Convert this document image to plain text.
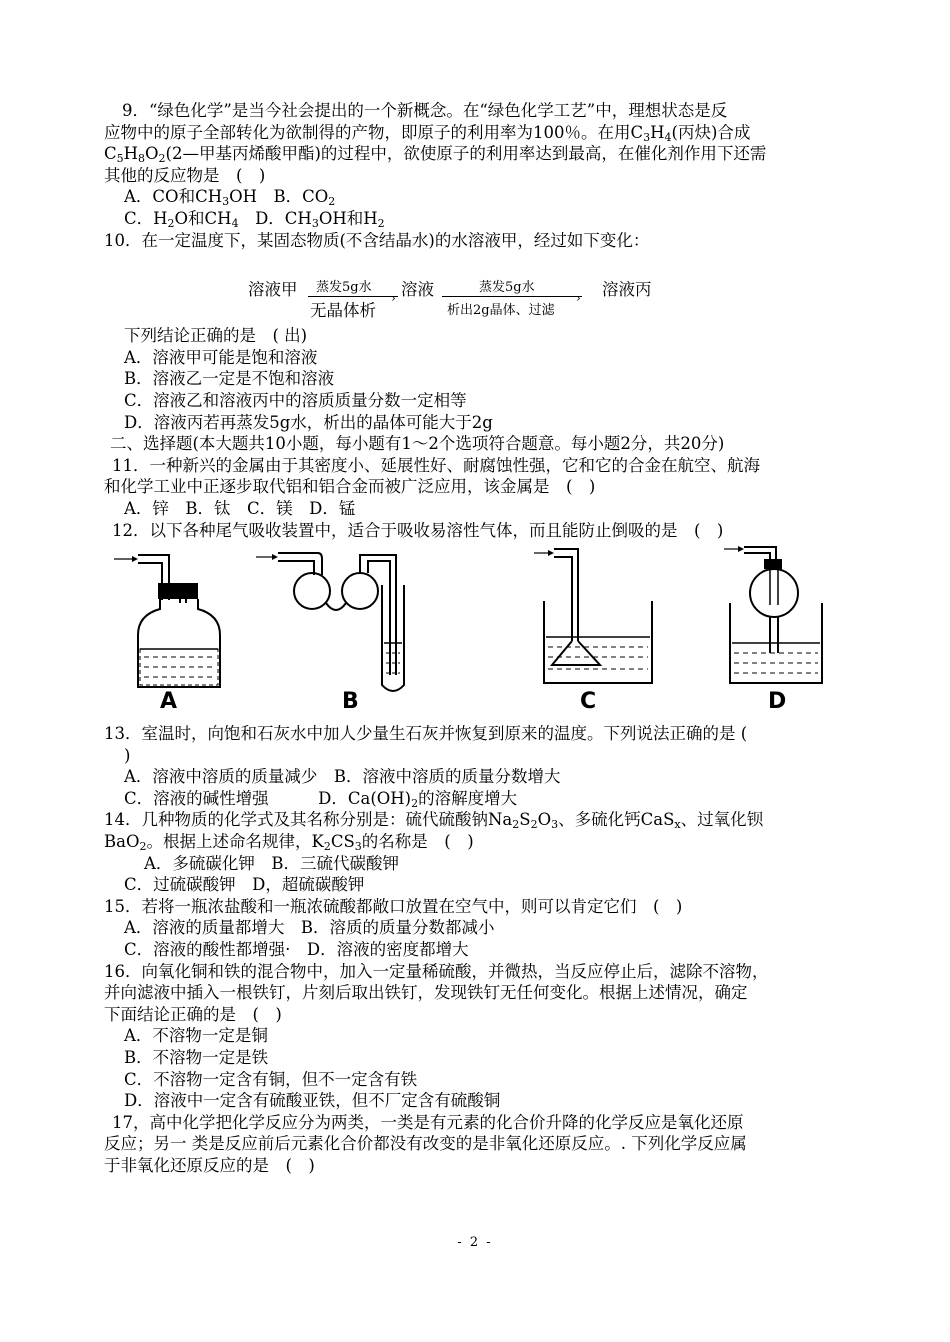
9．“绿色化学”是当今社会提出的一个新概念。在“绿色化学工艺”中，理想状态是反

应物中的原子全部转化为欲制得的产物，即原子的利用率为100％。在用$C_3H_4$(丙炔)合成

$C_5H_8O_2(2—$甲基丙烯酸甲酯)的过程中，欲使原子的利用率达到最高，在催化剂作用下还需

其他的反应物是　(　)

A．CO和$CH_3OH$　B．$CO_2$

C．$H_2O$和$CH_4$　D．$CH_3OH$和$H_2$

10．在一定温度下，某固态物质(不含结晶水)的水溶液甲，经过如下变化：

溶液甲 蒸发5g水
›
无晶体析
溶液	蒸发5g水
›
析出2g晶体、过滤
溶液丙

下列结论正确的是　( 出)

A．溶液甲可能是饱和溶液

B．溶液乙一定是不饱和溶液

C．溶液乙和溶液丙中的溶质质量分数一定相等

D．溶液丙若再蒸发5g水，析出的晶体可能大于2g

二、选择题(本大题共10小题，每小题有1～2个选项符合题意。每小题2分，共20分)

11．一种新兴的金属由于其密度小、延展性好、耐腐蚀性强，它和它的合金在航空、航海

和化学工业中正逐步取代铝和铝合金而被广泛应用，该金属是　(　)

A．锌　B．钛　C．镁　D．锰

12．以下各种尾气吸收装置中，适合于吸收易溶性气体，而且能防止倒吸的是　(　)

A	B	C	D

13．室温时，向饱和石灰水中加人少量生石灰并恢复到原来的温度。下列说法正确的是 (

)

A．溶液中溶质的质量减少　B．溶液中溶质的质量分数增大

C．溶液的碱性增强　　　D．$Ca(OH)_2$的溶解度增大

14．几种物质的化学式及其名称分别是：硫代硫酸钠$Na_2S_2O_3$、多硫化钙CaS$_x$、过氧化钡

BaO$_2$。根据上述命名规律，$K_2CS_3$的名称是　(　)

A．多硫碳化钾　B．三硫代碳酸钾

C．过硫碳酸钾　D，超硫碳酸钾

15．若将一瓶浓盐酸和一瓶浓硫酸都敞口放置在空气中，则可以肯定它们　(　)

A．溶液的质量都增大　B．溶质的质量分数都减小

C．溶液的酸性都增强·　D．溶液的密度都增大

16．向氧化铜和铁的混合物中，加入一定量稀硫酸，并微热，当反应停止后，滤除不溶物，

并向滤液中插入一根铁钉，片刻后取出铁钉，发现铁钉无任何变化。根据上述情况，确定

下面结论正确的是　(　)

A．不溶物一定是铜

B．不溶物一定是铁

C．不溶物一定含有铜，但不一定含有铁

D．溶液中一定含有硫酸亚铁，但不厂定含有硫酸铜

17，高中化学把化学反应分为两类，一类是有元素的化合价升降的化学反应是氧化还原

反应；另一 类是反应前后元素化合价都没有改变的是非氧化还原反应。. 下列化学反应属

于非氧化还原反应的是　(　)

- 2 -
